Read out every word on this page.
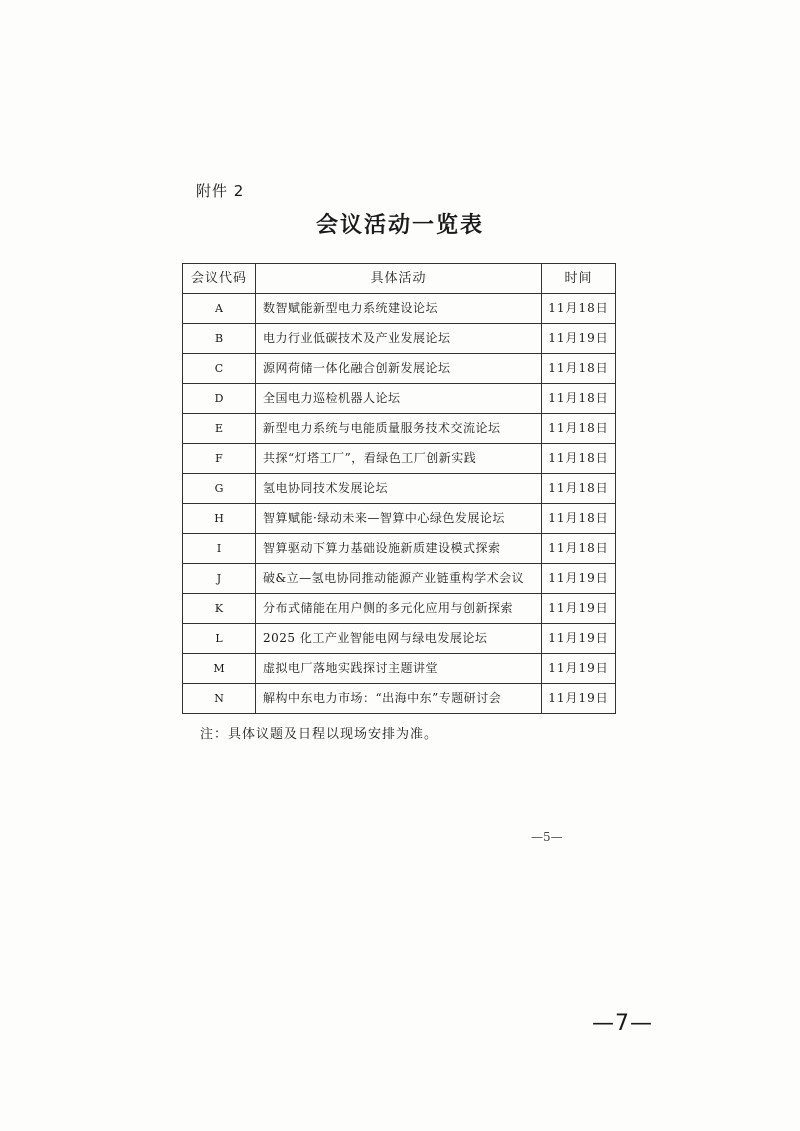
附件 2
会议活动一览表
会议代码	具体活动	时间
A	数智赋能新型电力系统建设论坛	11月18日
B	电力行业低碳技术及产业发展论坛	11月19日
C	源网荷储一体化融合创新发展论坛	11月18日
D	全国电力巡检机器人论坛	11月18日
E	新型电力系统与电能质量服务技术交流论坛	11月18日
F	共探“灯塔工厂”，看绿色工厂创新实践	11月18日
G	氢电协同技术发展论坛	11月18日
H	智算赋能·绿动未来—智算中心绿色发展论坛	11月18日
I	智算驱动下算力基础设施新质建设模式探索	11月18日
J	破&立—氢电协同推动能源产业链重构学术会议	11月19日
K	分布式储能在用户侧的多元化应用与创新探索	11月19日
L	2025 化工产业智能电网与绿电发展论坛	11月19日
M	虚拟电厂落地实践探讨主题讲堂	11月19日
N	解构中东电力市场：“出海中东”专题研讨会	11月19日
注：具体议题及日程以现场安排为准。
—5—
—7—
